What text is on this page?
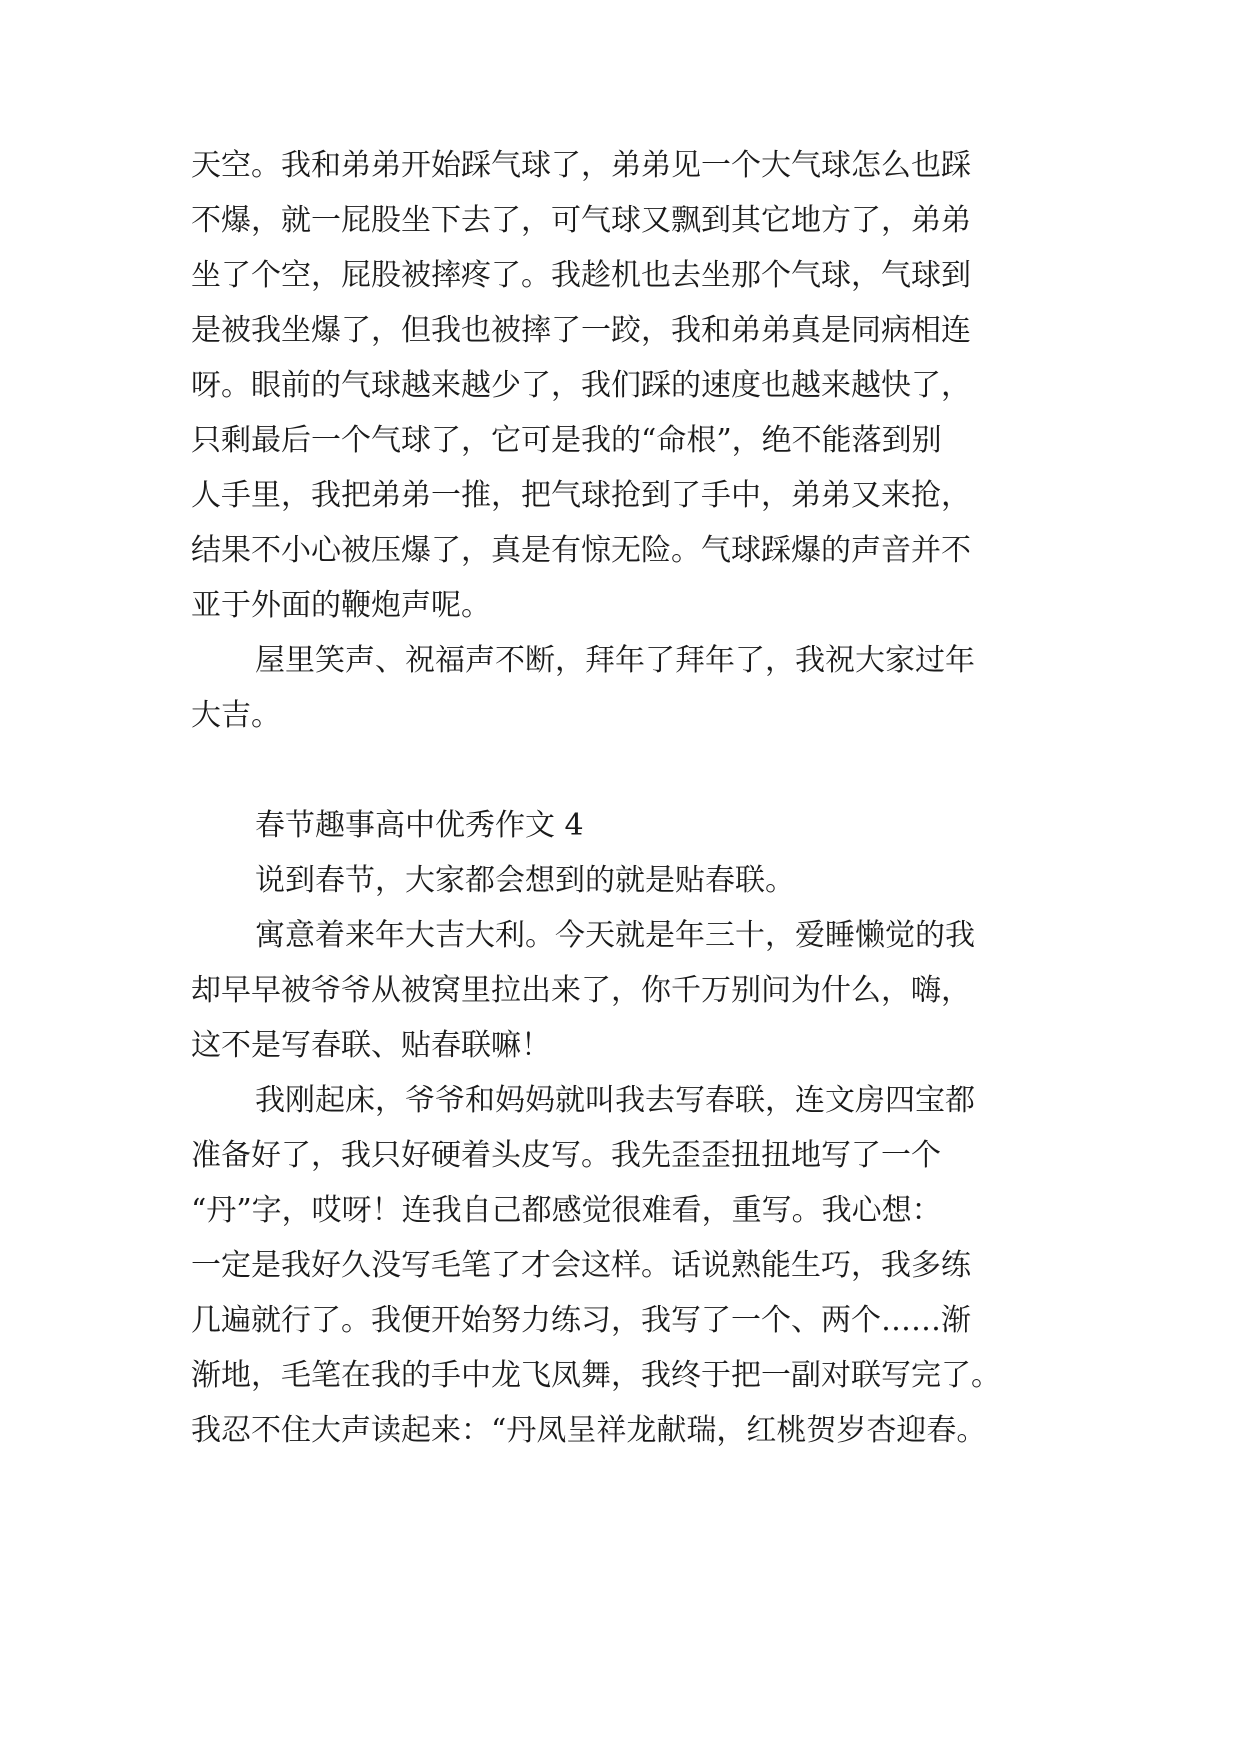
天空。我和弟弟开始踩气球了，弟弟见一个大气球怎么也踩
不爆，就一屁股坐下去了，可气球又飘到其它地方了，弟弟
坐了个空，屁股被摔疼了。我趁机也去坐那个气球，气球到
是被我坐爆了，但我也被摔了一跤，我和弟弟真是同病相连
呀。眼前的气球越来越少了，我们踩的速度也越来越快了，
只剩最后一个气球了，它可是我的“命根”，绝不能落到别
人手里，我把弟弟一推，把气球抢到了手中，弟弟又来抢，
结果不小心被压爆了，真是有惊无险。气球踩爆的声音并不
亚于外面的鞭炮声呢。
屋里笑声、祝福声不断，拜年了拜年了，我祝大家过年
大吉。
春节趣事高中优秀作文 4
说到春节，大家都会想到的就是贴春联。
寓意着来年大吉大利。今天就是年三十，爱睡懒觉的我
却早早被爷爷从被窝里拉出来了，你千万别问为什么，嗨，
这不是写春联、贴春联嘛！
我刚起床，爷爷和妈妈就叫我去写春联，连文房四宝都
准备好了，我只好硬着头皮写。我先歪歪扭扭地写了一个
“丹”字，哎呀！连我自己都感觉很难看，重写。我心想：
一定是我好久没写毛笔了才会这样。话说熟能生巧，我多练
几遍就行了。我便开始努力练习，我写了一个、两个……渐
渐地，毛笔在我的手中龙飞凤舞，我终于把一副对联写完了。
我忍不住大声读起来：“丹凤呈祥龙献瑞，红桃贺岁杏迎春。
